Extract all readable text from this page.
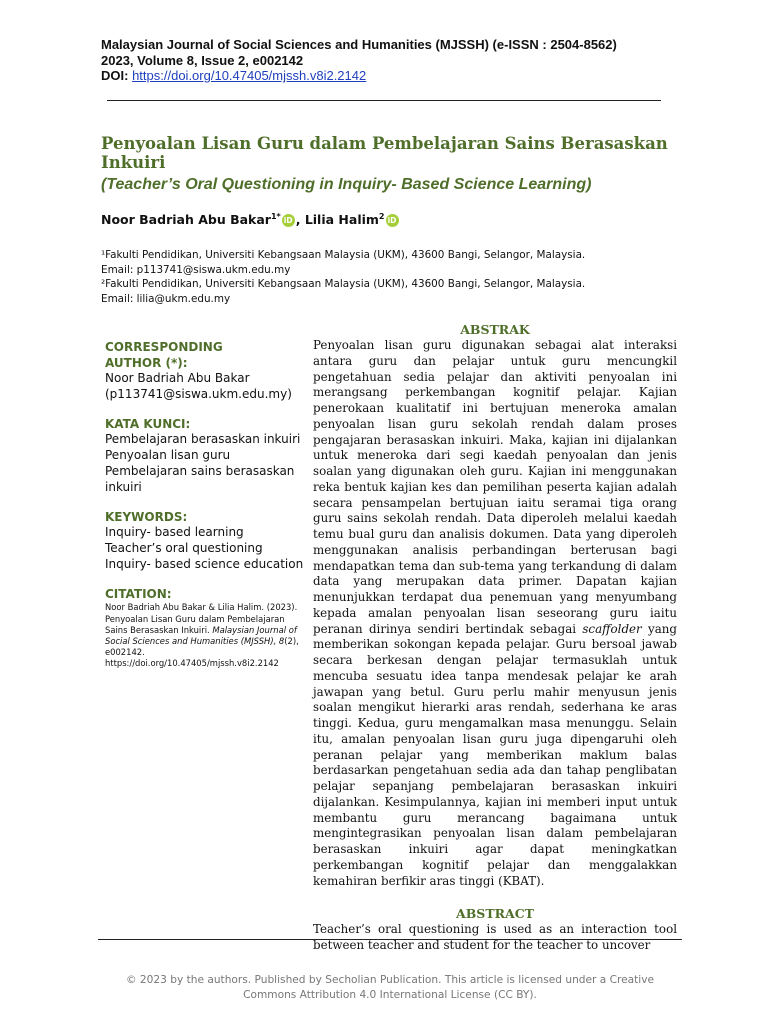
Malaysian Journal of Social Sciences and Humanities (MJSSH) (e-ISSN : 2504-8562)
2023, Volume 8, Issue 2, e002142
DOI: https://doi.org/10.47405/mjssh.v8i2.2142
Penyoalan Lisan Guru dalam Pembelajaran Sains Berasaskan Inkuiri
(Teacher’s Oral Questioning in Inquiry- Based Science Learning)
Noor Badriah Abu Bakar$^{1*}$ iD , Lilia Halim$^2$ iD
¹Fakulti Pendidikan, Universiti Kebangsaan Malaysia (UKM), 43600 Bangi, Selangor, Malaysia.
Email: p113741@siswa.ukm.edu.my
²Fakulti Pendidikan, Universiti Kebangsaan Malaysia (UKM), 43600 Bangi, Selangor, Malaysia.
Email: lilia@ukm.edu.my
CORRESPONDING
AUTHOR (*):
Noor Badriah Abu Bakar
(p113741@siswa.ukm.edu.my)
KATA KUNCI:
Pembelajaran berasaskan inkuiri
Penyoalan lisan guru
Pembelajaran sains berasaskan inkuiri
KEYWORDS:
Inquiry- based learning
Teacher’s oral questioning
Inquiry- based science education
CITATION:
Noor Badriah Abu Bakar & Lilia Halim. (2023). Penyoalan Lisan Guru dalam Pembelajaran Sains Berasaskan Inkuiri. Malaysian Journal of Social Sciences and Humanities (MJSSH), 8(2), e002142. https://doi.org/10.47405/mjssh.v8i2.2142
ABSTRAK

Penyoalan lisan guru digunakan sebagai alat interaksi antara guru dan pelajar untuk guru mencungkil pengetahuan sedia pelajar dan aktiviti penyoalan ini merangsang perkembangan kognitif pelajar. Kajian penerokaan kualitatif ini bertujuan meneroka amalan penyoalan lisan guru sekolah rendah dalam proses pengajaran berasaskan inkuiri. Maka, kajian ini dijalankan untuk meneroka dari segi kaedah penyoalan dan jenis soalan yang digunakan oleh guru. Kajian ini menggunakan reka bentuk kajian kes dan pemilihan peserta kajian adalah secara pensampelan bertujuan iaitu seramai tiga orang guru sains sekolah rendah. Data diperoleh melalui kaedah temu bual guru dan analisis dokumen. Data yang diperoleh menggunakan analisis perbandingan berterusan bagi mendapatkan tema dan sub-tema yang terkandung di dalam data yang merupakan data primer. Dapatan kajian menunjukkan terdapat dua penemuan yang menyumbang kepada amalan penyoalan lisan seseorang guru iaitu peranan dirinya sendiri bertindak sebagai scaffolder yang memberikan sokongan kepada pelajar. Guru bersoal jawab secara berkesan dengan pelajar termasuklah untuk mencuba sesuatu idea tanpa mendesak pelajar ke arah jawapan yang betul. Guru perlu mahir menyusun jenis soalan mengikut hierarki aras rendah, sederhana ke aras tinggi. Kedua, guru mengamalkan masa menunggu. Selain itu, amalan penyoalan lisan guru juga dipengaruhi oleh peranan pelajar yang memberikan maklum balas berdasarkan pengetahuan sedia ada dan tahap penglibatan pelajar sepanjang pembelajaran berasaskan inkuiri dijalankan. Kesimpulannya, kajian ini memberi input untuk membantu guru merancang bagaimana untuk mengintegrasikan penyoalan lisan dalam pembelajaran berasaskan inkuiri agar dapat meningkatkan perkembangan kognitif pelajar dan menggalakkan kemahiran berfikir aras tinggi (KBAT).

ABSTRACT

Teacher’s oral questioning is used as an interaction tool between teacher and student for the teacher to uncover

© 2023 by the authors. Published by Secholian Publication. This article is licensed under a Creative
Commons Attribution 4.0 International License (CC BY).
